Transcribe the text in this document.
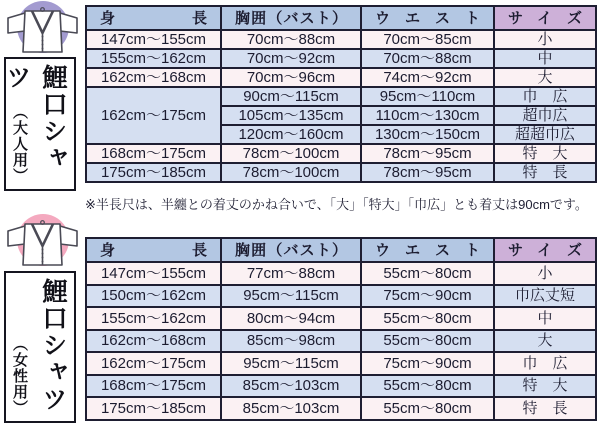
鯉口シャツ
（大人用）
身長	胸囲（バスト）	ウエスト	サイズ
147cm〜155cm	70cm〜88cm	70cm〜85cm	小
155cm〜162cm	70cm〜92cm	70cm〜88cm	中
162cm〜168cm	70cm〜96cm	74cm〜92cm	大
162cm〜175cm	90cm〜115cm	95cm〜110cm	巾　広
	105cm〜135cm	110cm〜130cm	超巾広
	120cm〜160cm	130cm〜150cm	超超巾広
168cm〜175cm	78cm〜100cm	78cm〜95cm	特　大
175cm〜185cm	78cm〜100cm	78cm〜95cm	特　長
※半長尺は、半纏との着丈のかね合いで、「大」「特大」「巾広」とも着丈は90cmです。
鯉口シャツ
（女性用）
身長	胸囲（バスト）	ウエスト	サイズ
147cm〜155cm	77cm〜88cm	55cm〜80cm	小
150cm〜162cm	95cm〜115cm	75cm〜90cm	巾広丈短
155cm〜162cm	80cm〜94cm	55cm〜80cm	中
162cm〜168cm	85cm〜98cm	55cm〜80cm	大
162cm〜175cm	95cm〜115cm	75cm〜90cm	巾　広
168cm〜175cm	85cm〜103cm	55cm〜80cm	特　大
175cm〜185cm	85cm〜103cm	55cm〜80cm	特　長
